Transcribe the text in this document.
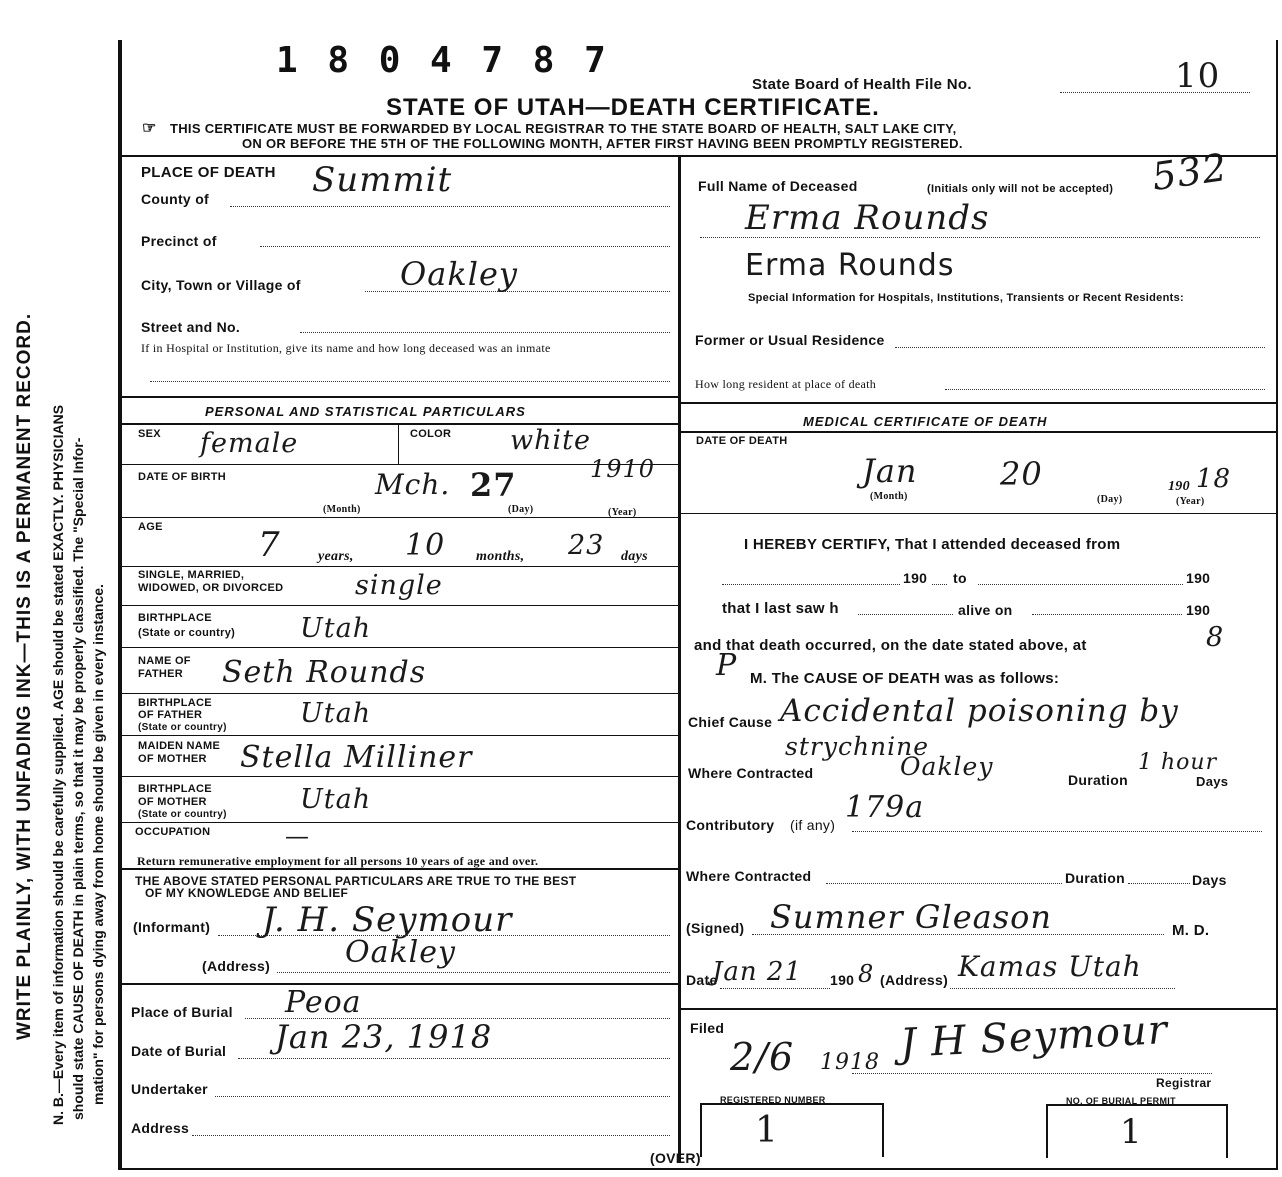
WRITE PLAINLY, WITH UNFADING INK—THIS IS A PERMANENT RECORD. N. B.—Every item of information should be carefully supplied. AGE should be stated EXACTLY. PHYSICIANS should state CAUSE OF DEATH in plain terms, so that it may be properly classified. The "Special Infor- mation" for persons dying away from home should be given in every instance.
1 8 0 4 7 8 7
State Board of Health File No.	10
STATE OF UTAH—DEATH CERTIFICATE.
☞ THIS CERTIFICATE MUST BE FORWARDED BY LOCAL REGISTRAR TO THE STATE BOARD OF HEALTH, SALT LAKE CITY,
ON OR BEFORE THE 5TH OF THE FOLLOWING MONTH, AFTER FIRST HAVING BEEN PROMPTLY REGISTERED.
532
PLACE OF DEATH
County of	Summit
Precinct of
City, Town or Village of	Oakley
Street and No.
If in Hospital or Institution, give its name and how long deceased was an inmate
Full Name of Deceased	(Initials only will not be accepted)
Erma Rounds
Erma Rounds
Special Information for Hospitals, Institutions, Transients or Recent Residents:
Former or Usual Residence
How long resident at place of death
PERSONAL AND STATISTICAL PARTICULARS
SEX female	COLOR white
DATE OF BIRTH	Mch. 27	1910
(Month)	(Day)	(Year)
AGE	7	years, 10 months, 23 days
SINGLE, MARRIED,
WIDOWED, OR DIVORCED	single
BIRTHPLACE
(State or country) Utah
NAME OF
FATHER Seth Rounds
BIRTHPLACE
OF FATHER
(State or country)	Utah
MAIDEN NAME
OF MOTHER Stella Milliner
BIRTHPLACE
OF MOTHER
(State or country)	Utah
OCCUPATION	—
Return remunerative employment for all persons 10 years of age and over.
THE ABOVE STATED PERSONAL PARTICULARS ARE TRUE TO THE BEST
OF MY KNOWLEDGE AND BELIEF
(Informant) J. H. Seymour
(Address) Oakley
Place of Burial Peoa
Date of Burial Jan 23, 1918
Undertaker
Address
MEDICAL CERTIFICATE OF DEATH
DATE OF DEATH
Jan	20	190 18
(Month)	(Day)	(Year)
I HEREBY CERTIFY, That I attended deceased from
190 to	190
that I last saw h	alive on	190
and that death occurred, on the date stated above, at	8
P M. The CAUSE OF DEATH was as follows:
Chief Cause Accidental poisoning by
strychnine
Where Contracted	Oakley	Duration
1 hour
Days
Contributory (if any) 179a
Where Contracted	Duration	Days
(Signed) Sumner Gleason	M. D.
Date
Jan 21 190 8 (Address) Kamas Utah
Filed
2/6 1918 J H Seymour
Registrar
REGISTERED NUMBER
1
NO. OF BURIAL PERMIT
1
(OVER)
